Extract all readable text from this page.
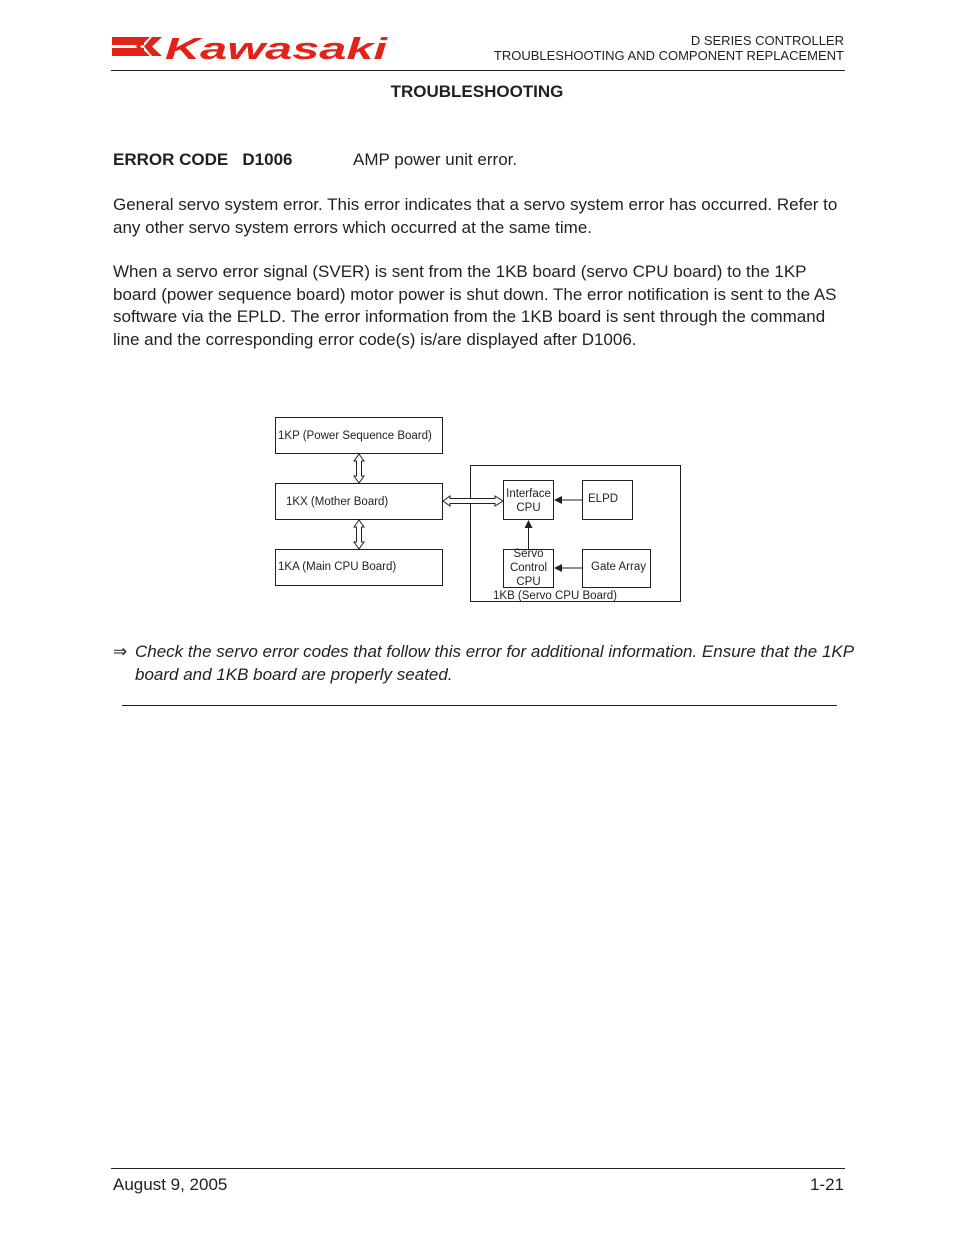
Kawasaki	D SERIES CONTROLLER
TROUBLESHOOTING AND COMPONENT REPLACEMENT
TROUBLESHOOTING
ERROR CODE   D1006	AMP power unit error.
General servo system error. This error indicates that a servo system error has occurred. Refer to any other servo system errors which occurred at the same time.
When a servo error signal (SVER) is sent from the 1KB board (servo CPU board) to the 1KP board (power sequence board) motor power is shut down. The error notification is sent to the AS software via the EPLD. The error information from the 1KB board is sent through the command line and the corresponding error code(s) is/are displayed after D1006.
1KP (Power Sequence Board)
1KX (Mother Board)
1KA (Main CPU Board)
Interface
CPU
ELPD
Servo
Control
CPU
Gate Array
1KB (Servo CPU Board)
⇒ Check the servo error codes that follow this error for additional information. Ensure that the 1KP board and 1KB board are properly seated.
August 9, 2005	1-21
